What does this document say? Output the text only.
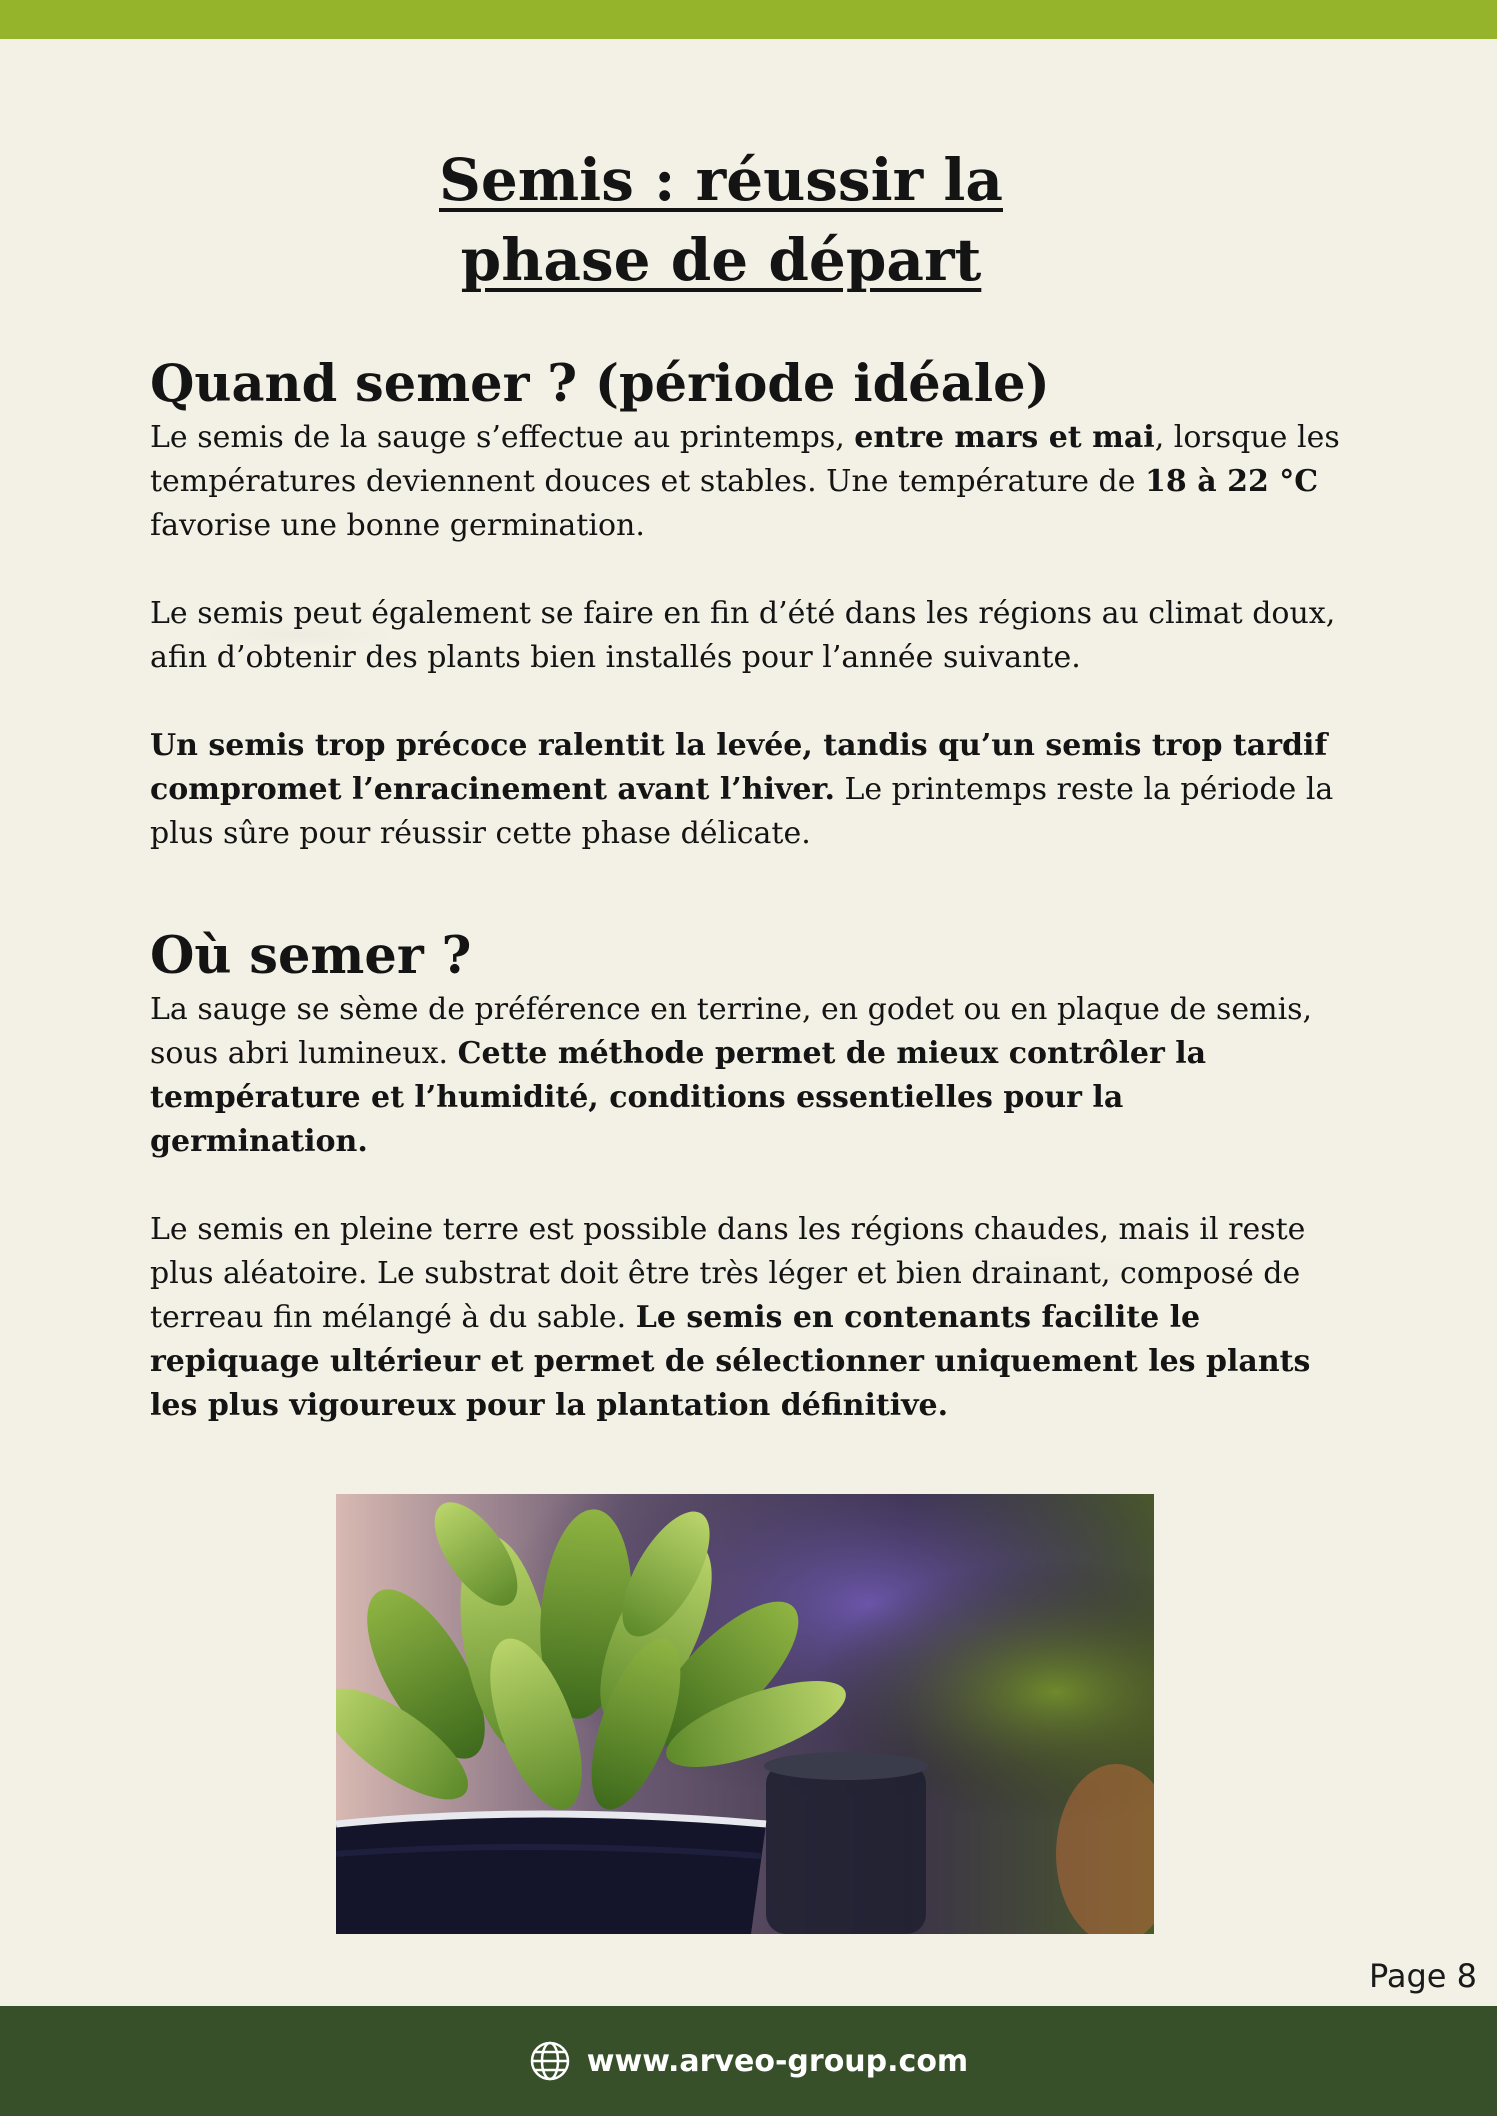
Semis : réussir la
phase de départ
Quand semer ? (période idéale)

Le semis de la sauge s’effectue au printemps, entre mars et mai, lorsque les températures deviennent douces et stables. Une température de 18 à 22 °C favorise une bonne germination.

Le semis peut également se faire en fin d’été dans les régions au climat doux, afin d’obtenir des plants bien installés pour l’année suivante.

Un semis trop précoce ralentit la levée, tandis qu’un semis trop tardif compromet l’enracinement avant l’hiver. Le printemps reste la période la plus sûre pour réussir cette phase délicate.

Où semer ?

La sauge se sème de préférence en terrine, en godet ou en plaque de semis, sous abri lumineux. Cette méthode permet de mieux contrôler la température et l’humidité, conditions essentielles pour la germination.

Le semis en pleine terre est possible dans les régions chaudes, mais il reste plus aléatoire. Le substrat doit être très léger et bien drainant, composé de terreau fin mélangé à du sable. Le semis en contenants facilite le repiquage ultérieur et permet de sélectionner uniquement les plants les plus vigoureux pour la plantation définitive.

Page 8
www.arveo-group.com
